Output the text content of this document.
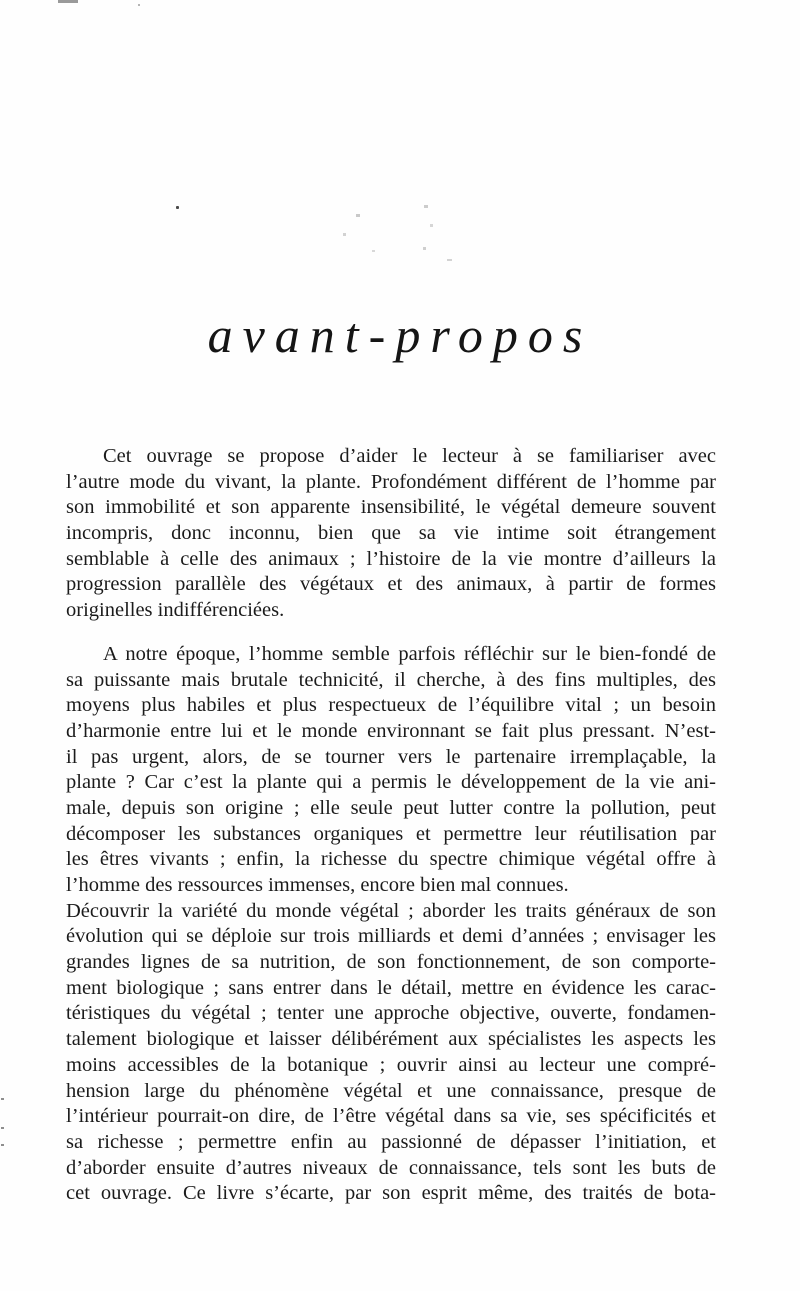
avant-propos
Cet ouvrage se propose d’aider le lecteur à se familiariser avec
l’autre mode du vivant, la plante. Profondément différent de l’homme par
son immobilité et son apparente insensibilité, le végétal demeure souvent
incompris, donc inconnu, bien que sa vie intime soit étrangement
semblable à celle des animaux ; l’histoire de la vie montre d’ailleurs la
progression parallèle des végétaux et des animaux, à partir de formes
originelles indifférenciées.
A notre époque, l’homme semble parfois réfléchir sur le bien-fondé de
sa puissante mais brutale technicité, il cherche, à des fins multiples, des
moyens plus habiles et plus respectueux de l’équilibre vital ; un besoin
d’harmonie entre lui et le monde environnant se fait plus pressant. N’est-
il pas urgent, alors, de se tourner vers le partenaire irremplaçable, la
plante ? Car c’est la plante qui a permis le développement de la vie ani-
male, depuis son origine ; elle seule peut lutter contre la pollution, peut
décomposer les substances organiques et permettre leur réutilisation par
les êtres vivants ; enfin, la richesse du spectre chimique végétal offre à
l’homme des ressources immenses, encore bien mal connues.
Découvrir la variété du monde végétal ; aborder les traits généraux de son
évolution qui se déploie sur trois milliards et demi d’années ; envisager les
grandes lignes de sa nutrition, de son fonctionnement, de son comporte-
ment biologique ; sans entrer dans le détail, mettre en évidence les carac-
téristiques du végétal ; tenter une approche objective, ouverte, fondamen-
talement biologique et laisser délibérément aux spécialistes les aspects les
moins accessibles de la botanique ; ouvrir ainsi au lecteur une compré-
hension large du phénomène végétal et une connaissance, presque de
l’intérieur pourrait-on dire, de l’être végétal dans sa vie, ses spécificités et
sa richesse ; permettre enfin au passionné de dépasser l’initiation, et
d’aborder ensuite d’autres niveaux de connaissance, tels sont les buts de
cet ouvrage. Ce livre s’écarte, par son esprit même, des traités de bota-
